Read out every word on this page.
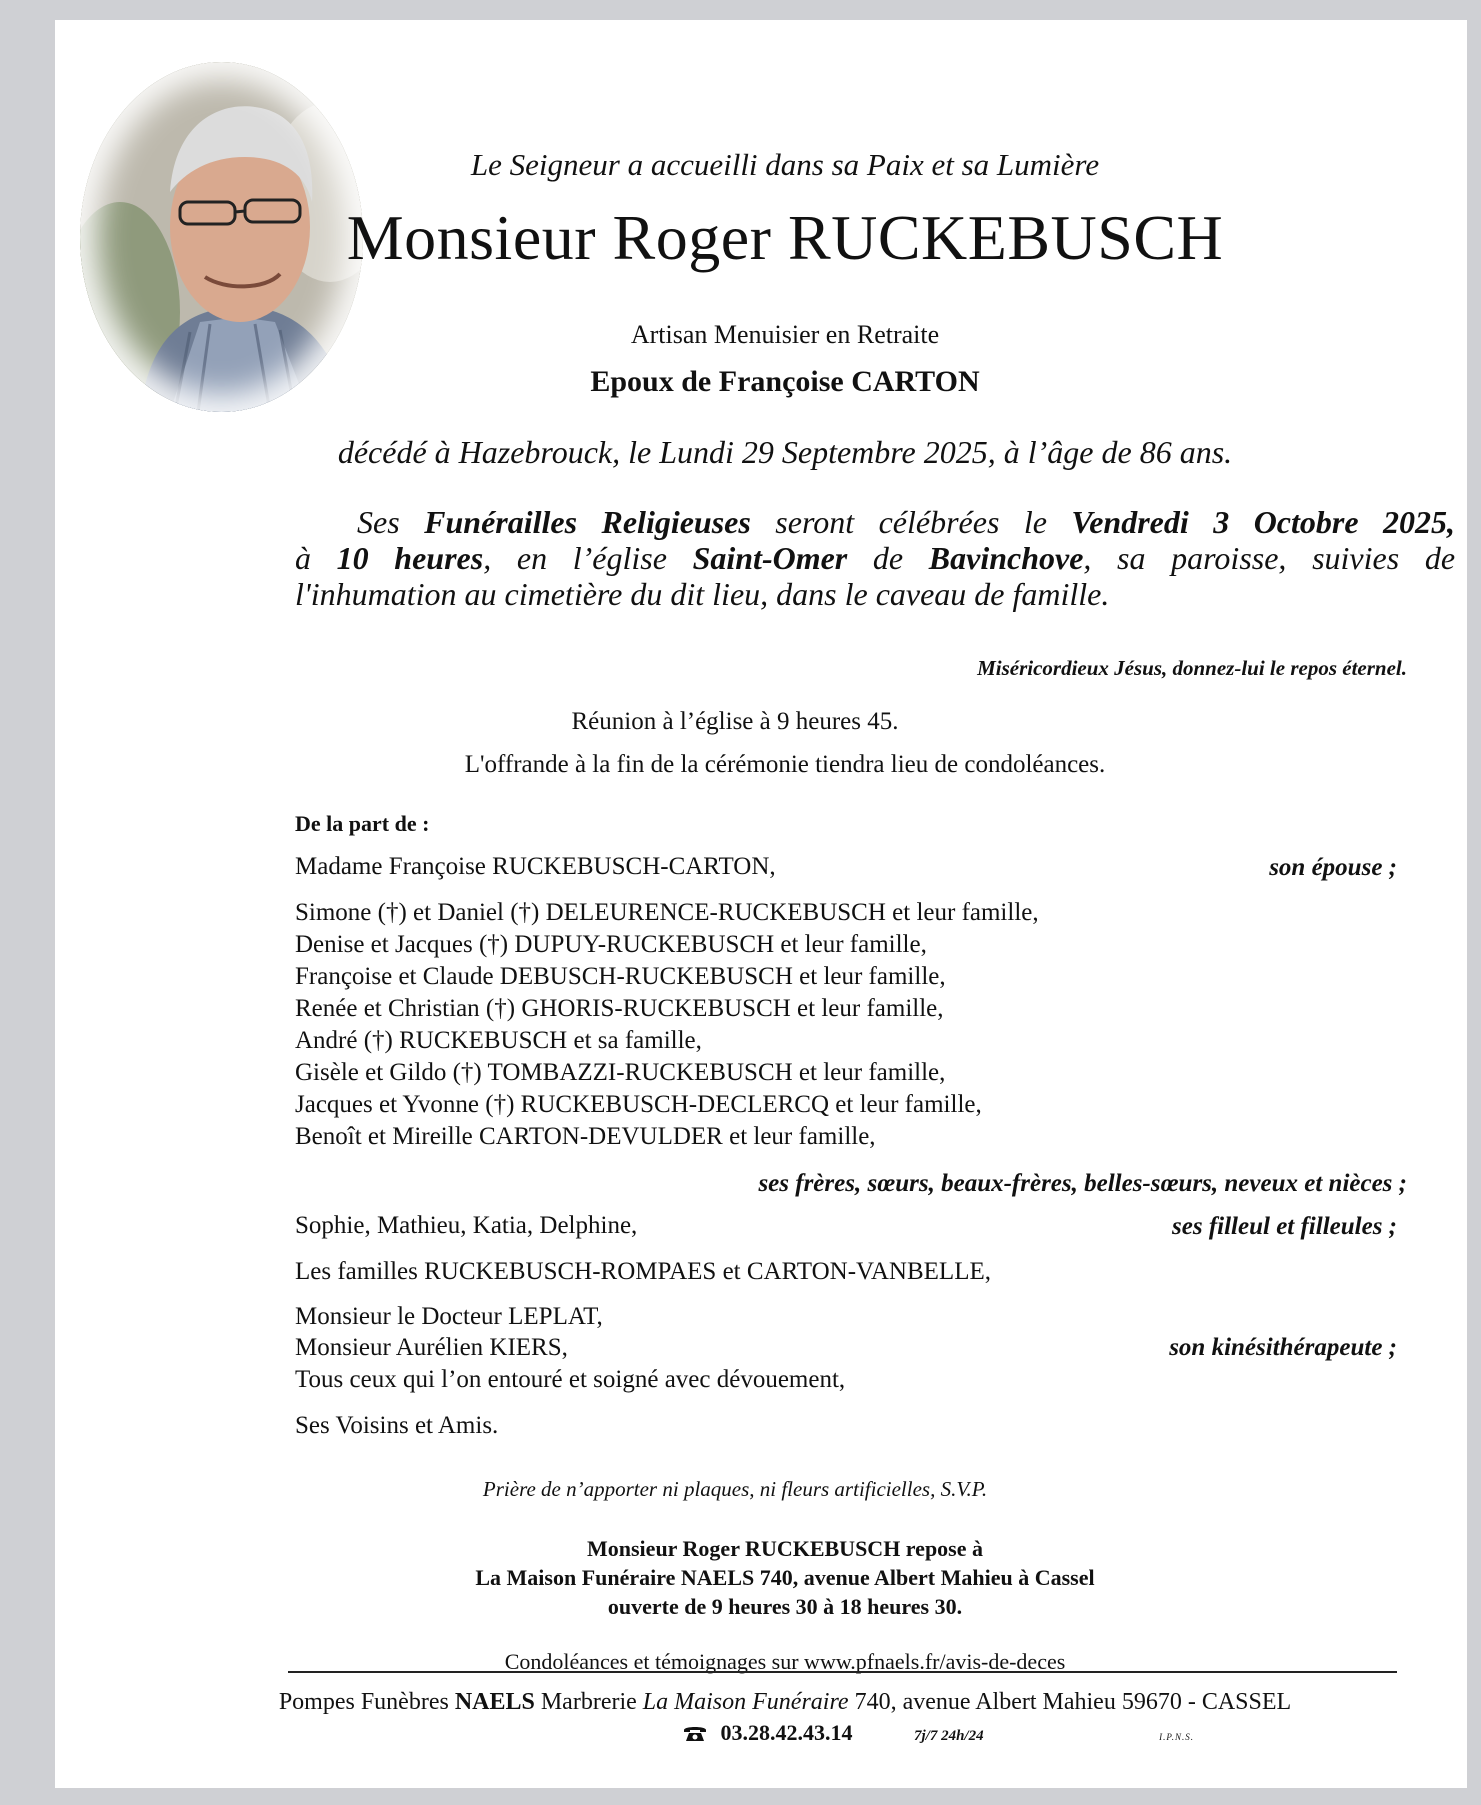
Le Seigneur a accueilli dans sa Paix et sa Lumière
Monsieur Roger RUCKEBUSCH
Artisan Menuisier en Retraite
Epoux de Françoise CARTON
décédé à Hazebrouck, le Lundi 29 Septembre 2025, à l’âge de 86 ans.
Ses Funérailles Religieuses seront célébrées le Vendredi 3 Octobre 2025,
à 10 heures, en l’église Saint-Omer de Bavinchove, sa paroisse, suivies de
l'inhumation au cimetière du dit lieu, dans le caveau de famille.
Miséricordieux Jésus, donnez-lui le repos éternel.
Réunion à l’église à 9 heures 45.
L'offrande à la fin de la cérémonie tiendra lieu de condoléances.
De la part de :
Madame Françoise RUCKEBUSCH-CARTON,	son épouse ;
Simone (†) et Daniel (†) DELEURENCE-RUCKEBUSCH et leur famille,
Denise et Jacques (†) DUPUY-RUCKEBUSCH et leur famille,
Françoise et Claude DEBUSCH-RUCKEBUSCH et leur famille,
Renée et Christian (†) GHORIS-RUCKEBUSCH et leur famille,
André (†) RUCKEBUSCH et sa famille,
Gisèle et Gildo (†) TOMBAZZI-RUCKEBUSCH et leur famille,
Jacques et Yvonne (†) RUCKEBUSCH-DECLERCQ et leur famille,
Benoît et Mireille CARTON-DEVULDER et leur famille,
ses frères, sœurs, beaux-frères, belles-sœurs, neveux et nièces ;
Sophie, Mathieu, Katia, Delphine,	ses filleul et filleules ;
Les familles RUCKEBUSCH-ROMPAES et CARTON-VANBELLE,
Monsieur le Docteur LEPLAT,
Monsieur Aurélien KIERS,	son kinésithérapeute ;
Tous ceux qui l’on entouré et soigné avec dévouement,
Ses Voisins et Amis.
Prière de n’apporter ni plaques, ni fleurs artificielles, S.V.P.
Monsieur Roger RUCKEBUSCH repose à
La Maison Funéraire NAELS 740, avenue Albert Mahieu à Cassel
ouverte de 9 heures 30 à 18 heures 30.
Condoléances et témoignages sur www.pfnaels.fr/avis-de-deces
Pompes Funèbres NAELS Marbrerie La Maison Funéraire 740, avenue Albert Mahieu 59670 - CASSEL
03.28.42.43.14	7j/7 24h/24	I.P.N.S.
